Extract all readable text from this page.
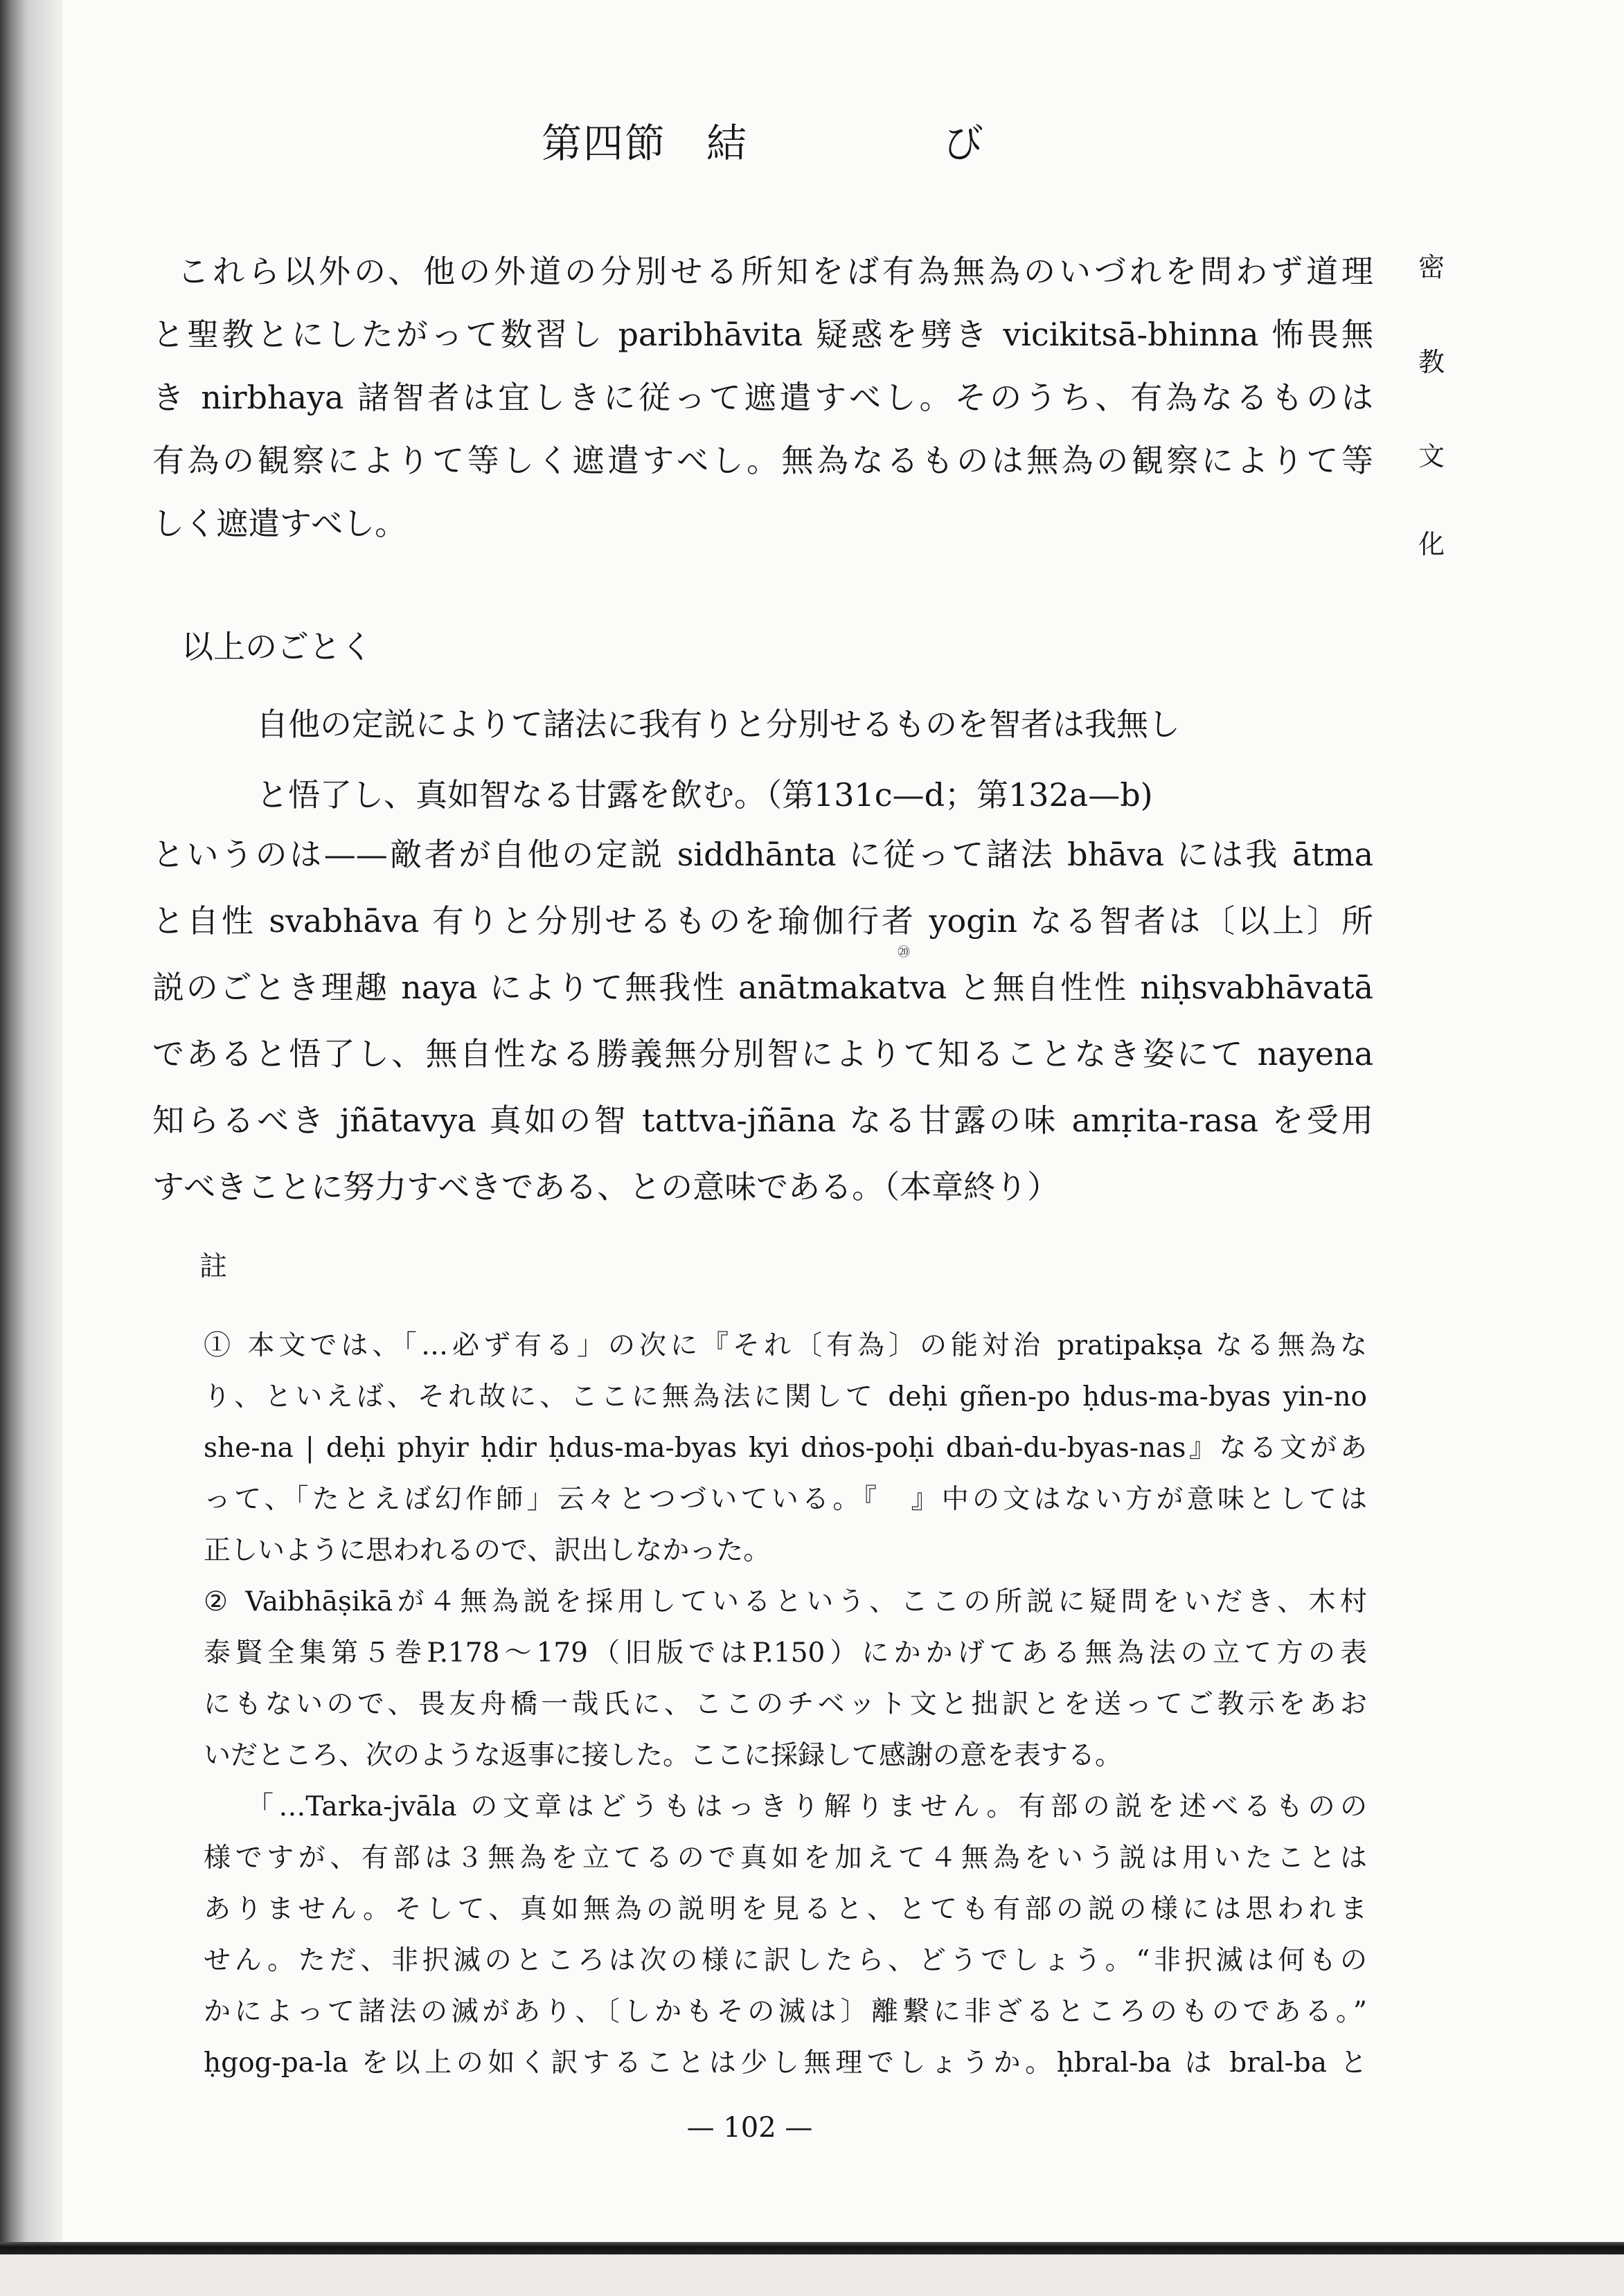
第四節 結	び
密
教
文
化
これら以外の、他の外道の分別せる所知をば有為無為のいづれを問わず道理
と聖教とにしたがって数習し paribhāvita 疑惑を劈き vicikitsā-bhinna 怖畏無
き nirbhaya 諸智者は宜しきに従って遮遣すべし。そのうち、有為なるものは
有為の観察によりて等しく遮遣すべし。無為なるものは無為の観察によりて等
しく遮遣すべし。
以上のごとく
自他の定説によりて諸法に我有りと分別せるものを智者は我無し
と悟了し、真如智なる甘露を飲む。（第131c—d；第132a—b)
というのは——敵者が自他の定説 siddhānta に従って諸法 bhāva には我 ātma
と自性 svabhāva 有りと分別せるものを瑜伽行者 yogin なる智者は〔以上〕所
説のごとき理趣 naya によりて無我性 anātmakatva と無自性性 niḥsvabhāvatā
であると悟了し、無自性なる勝義無分別智によりて知ることなき姿にて nayena
知らるべき jñātavya 真如の智 tattva-jñāna なる甘露の味 amṛita-rasa を受用
すべきことに努力すべきである、との意味である。（本章終り）
⑳
註
① 本文では、「…必ず有る」の次に『それ〔有為〕の能対治 pratipakṣa なる無為な
り、といえば、それ故に、ここに無為法に関して deḥi gñen-po ḥdus-ma-byas yin-no
she-na | deḥi phyir ḥdir ḥdus-ma-byas kyi dṅos-poḥi dbaṅ-du-byas-nas』なる文があ
って、「たとえば幻作師」云々とつづいている。『　』中の文はない方が意味としては
正しいように思われるので、訳出しなかった。
② Vaibhāṣikāが４無為説を採用しているという、ここの所説に疑問をいだき、木村
泰賢全集第５巻P.178～179（旧版ではP.150）にかかげてある無為法の立て方の表
にもないので、畏友舟橋一哉氏に、ここのチベット文と拙訳とを送ってご教示をあお
いだところ、次のような返事に接した。ここに採録して感謝の意を表する。
「…Tarka-jvāla の文章はどうもはっきり解りません。有部の説を述べるものの
様ですが、有部は３無為を立てるので真如を加えて４無為をいう説は用いたことは
ありません。そして、真如無為の説明を見ると、とても有部の説の様には思われま
せん。ただ、非択滅のところは次の様に訳したら、どうでしょう。“非択滅は何もの
かによって諸法の滅があり、〔しかもその滅は〕離繋に非ざるところのものである。”
ḥgog-pa-la を以上の如く訳することは少し無理でしょうか。ḥbral-ba は bral-ba と
— 102 —
